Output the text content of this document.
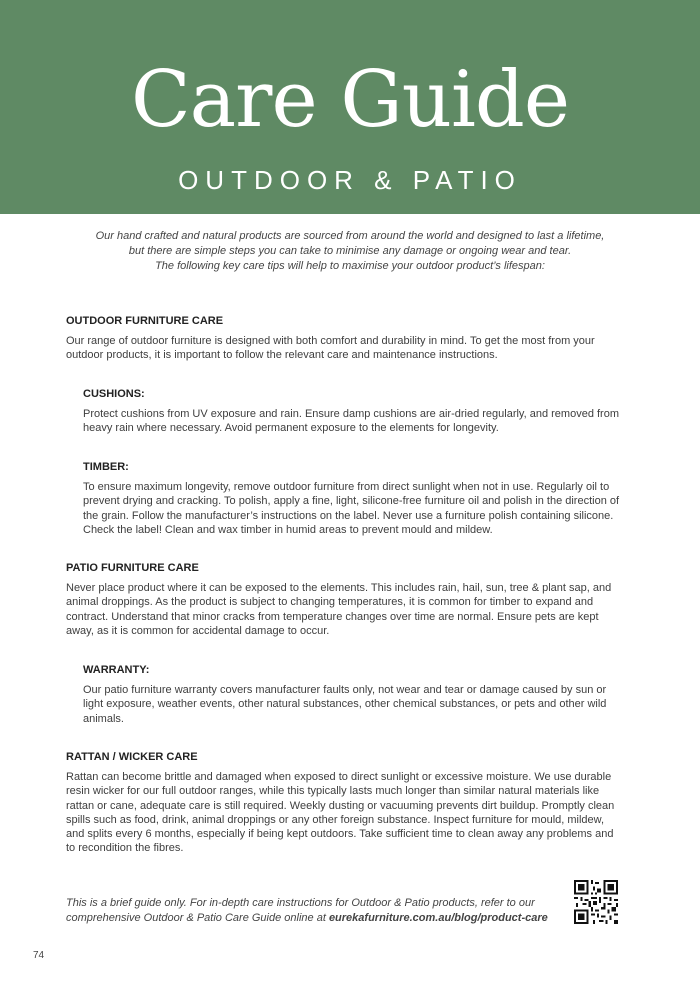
Care Guide
OUTDOOR & PATIO

Our hand crafted and natural products are sourced from around the world and designed to last a lifetime,

but there are simple steps you can take to minimise any damage or ongoing wear and tear.

The following key care tips will help to maximise your outdoor product’s lifespan:

OUTDOOR FURNITURE CARE

Our range of outdoor furniture is designed with both comfort and durability in mind. To get the most from your outdoor products, it is important to follow the relevant care and maintenance instructions.

CUSHIONS:

Protect cushions from UV exposure and rain. Ensure damp cushions are air-dried regularly, and removed from heavy rain where necessary. Avoid permanent exposure to the elements for longevity.

TIMBER:

To ensure maximum longevity, remove outdoor furniture from direct sunlight when not in use. Regularly oil to prevent drying and cracking. To polish, apply a fine, light, silicone-free furniture oil and polish in the direction of the grain. Follow the manufacturer’s instructions on the label. Never use a furniture polish containing silicone. Check the label! Clean and wax timber in humid areas to prevent mould and mildew.

PATIO FURNITURE CARE

Never place product where it can be exposed to the elements. This includes rain, hail, sun, tree & plant sap, and animal droppings. As the product is subject to changing temperatures, it is common for timber to expand and contract. Understand that minor cracks from temperature changes over time are normal. Ensure pets are kept away, as it is common for accidental damage to occur.

WARRANTY:

Our patio furniture warranty covers manufacturer faults only, not wear and tear or damage caused by sun or light exposure, weather events, other natural substances, other chemical substances, or pets and other wild animals.

RATTAN / WICKER CARE

Rattan can become brittle and damaged when exposed to direct sunlight or excessive moisture. We use durable resin wicker for our full outdoor ranges, while this typically lasts much longer than similar natural materials like rattan or cane, adequate care is still required. Weekly dusting or vacuuming prevents dirt buildup. Promptly clean spills such as food, drink, animal droppings or any other foreign substance. Inspect furniture for mould, mildew, and splits every 6 months, especially if being kept outdoors. Take sufficient time to clean away any problems and to recondition the fibres.

This is a brief guide only. For in-depth care instructions for Outdoor & Patio products, refer to our comprehensive Outdoor & Patio Care Guide online at eurekafurniture.com.au/blog/product-care
74
